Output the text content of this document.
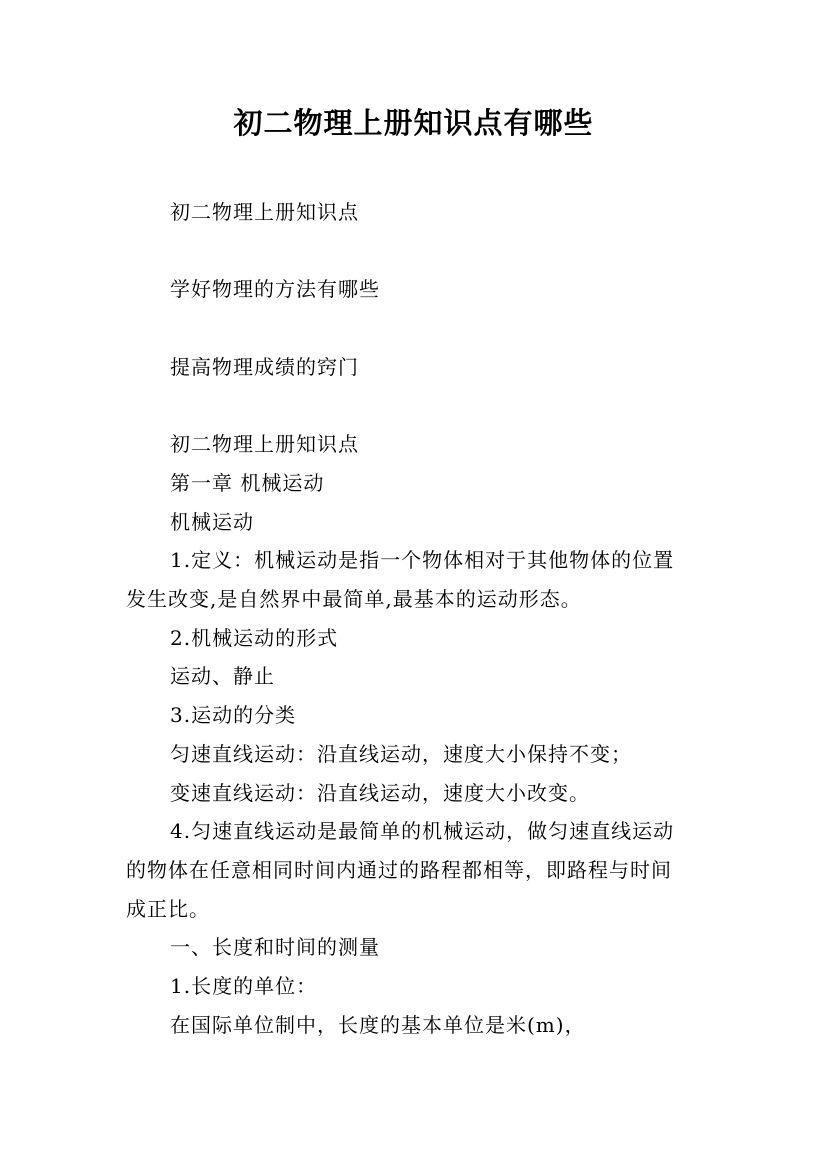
初二物理上册知识点有哪些
初二物理上册知识点
学好物理的方法有哪些
提高物理成绩的窍门
初二物理上册知识点
第一章 机械运动
机械运动
1.定义：机械运动是指一个物体相对于其他物体的位置
发生改变,是自然界中最简单,最基本的运动形态。
2.机械运动的形式
运动、静止
3.运动的分类
匀速直线运动：沿直线运动，速度大小保持不变；
变速直线运动：沿直线运动，速度大小改变。
4.匀速直线运动是最简单的机械运动，做匀速直线运动
的物体在任意相同时间内通过的路程都相等，即路程与时间
成正比。
一、长度和时间的测量
1.长度的单位：
在国际单位制中，长度的基本单位是米(m)，
